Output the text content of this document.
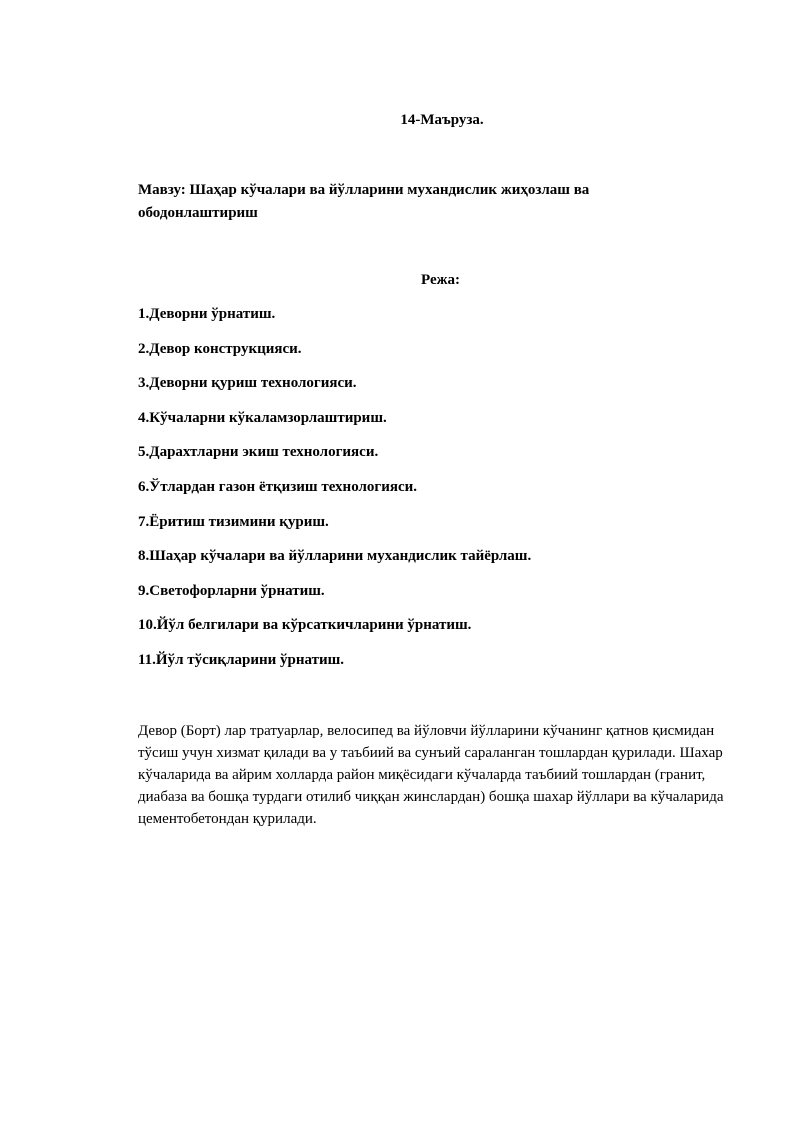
14-Маъруза.

Мавзу: Шаҳар кўчалари ва йўлларини мухандислик жиҳозлаш ва ободонлаштириш

Режа:

1.Деворни ўрнатиш.
2.Девор конструкцияси.
3.Деворни қуриш технологияси.
4.Кўчаларни кўкаламзорлаштириш.
5.Дарахтларни экиш технологияси.
6.Ўтлардан газон ётқизиш технологияси.
7.Ёритиш тизимини қуриш.
8.Шаҳар кўчалари ва йўлларини мухандислик тайёрлаш.
9.Светофорларни ўрнатиш.
10.Йўл белгилари ва кўрсаткичларини ўрнатиш.
11.Йўл тўсиқларини ўрнатиш.

Девор (Борт) лар тратуарлар, велосипед ва йўловчи йўлларини кўчанинг қатнов қисмидан тўсиш учун хизмат қилади ва у таъбиий ва сунъий сараланган тошлардан қурилади. Шахар кўчаларида ва айрим холларда район миқёсидаги кўчаларда таъбиий тошлардан (гранит, диабаза ва бошқа турдаги отилиб чиққан жинслардан) бошқа шахар йўллари ва кўчаларида цементобетондан қурилади.
